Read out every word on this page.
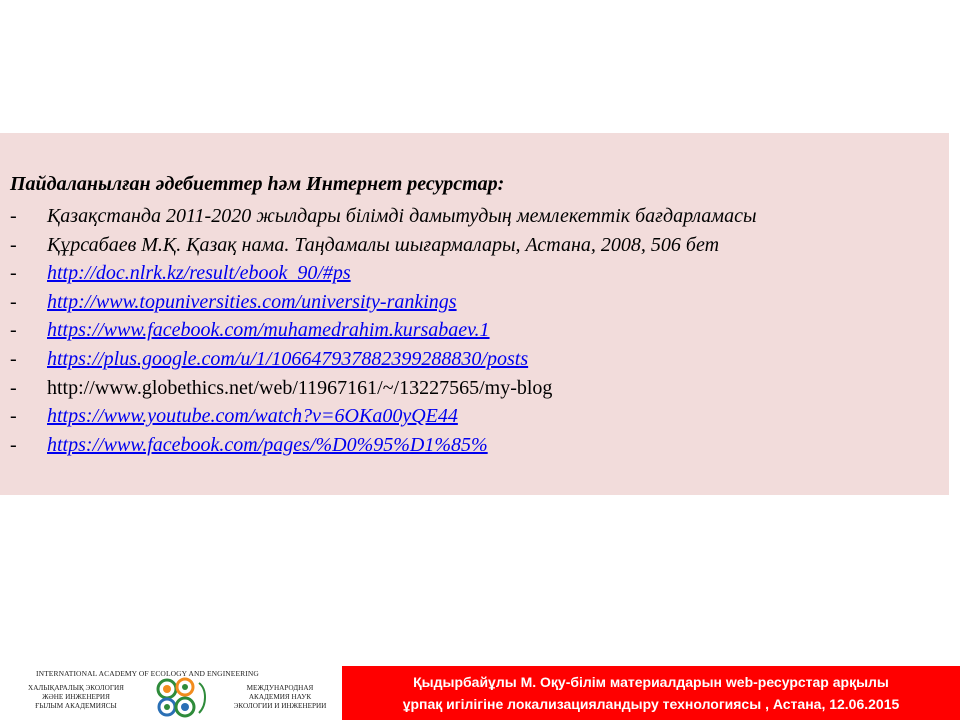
Пайдаланылған әдебиеттер һәм Интернет ресурстар:
- Қазақстанда 2011-2020 жылдары білімді дамытудың мемлекеттік бағдарламасы
- Құрсабаев М.Қ. Қазақ нама. Таңдамалы шығармалары, Астана, 2008, 506 бет
- http://doc.nlrk.kz/result/ebook_90/#ps
- http://www.topuniversities.com/university-rankings
- https://www.facebook.com/muhamedrahim.kursabaev.1
- https://plus.google.com/u/1/106647937882399288830/posts
- http://www.globethics.net/web/11967161/~/13227565/my-blog
- https://www.youtube.com/watch?v=6OKa00yQE44
- https://www.facebook.com/pages/%D0%95%D1%85%
INTERNATIONAL ACADEMY OF ECOLOGY AND ENGINEERING
ХАЛЫҚАРАЛЫҚ ЭКОЛОГИЯ
ЖӘНЕ ИНЖЕНЕРИЯ
ҒЫЛЫМ АКАДЕМИЯСЫ
МЕЖДУНАРОДНАЯ
АКАДЕМИЯ НАУК
ЭКОЛОГИИ И ИНЖЕНЕРИИ
Қыдырбайұлы М. Оқу-білім материалдарын web-ресурстар арқылы
ұрпақ игілігіне локализацияландыру технологиясы , Астана, 12.06.2015
